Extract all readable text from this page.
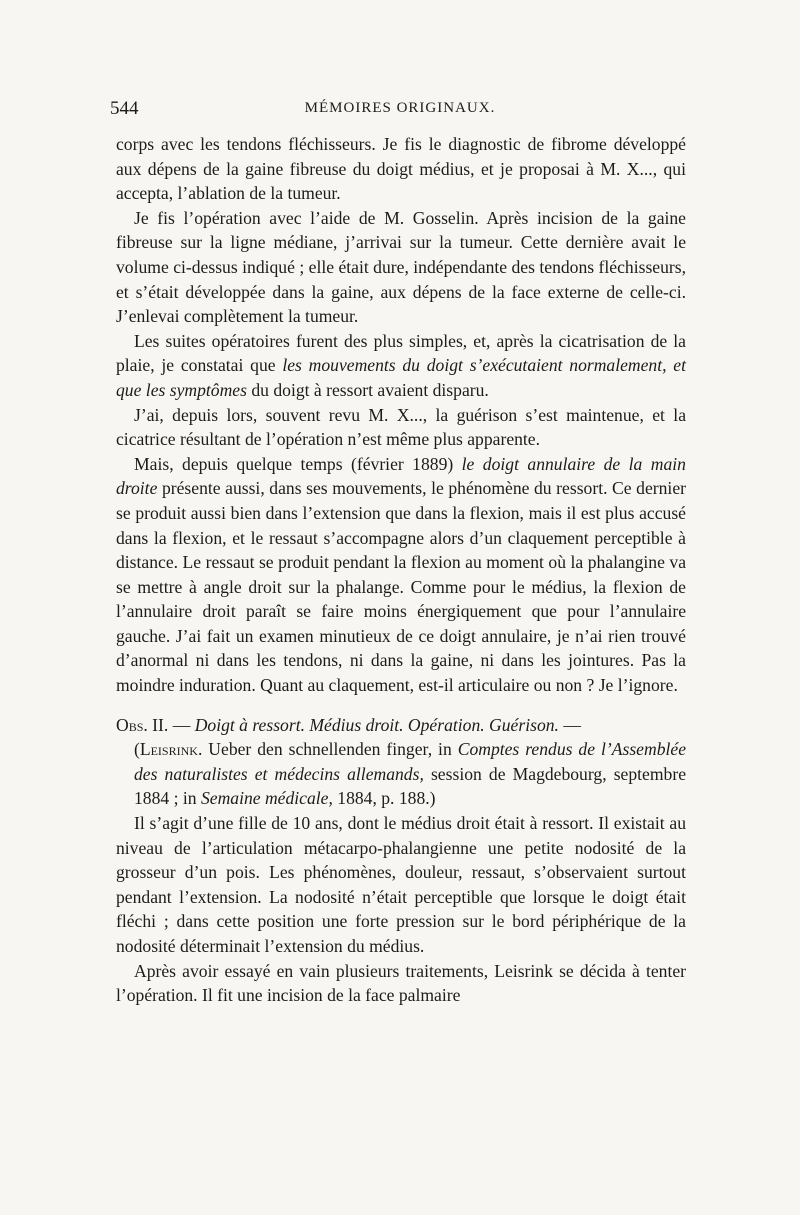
544	MÉMOIRES ORIGINAUX.

corps avec les tendons fléchisseurs. Je fis le diagnostic de fibrome développé aux dépens de la gaine fibreuse du doigt médius, et je proposai à M. X..., qui accepta, l’ablation de la tumeur.

Je fis l’opération avec l’aide de M. Gosselin. Après incision de la gaine fibreuse sur la ligne médiane, j’arrivai sur la tumeur. Cette dernière avait le volume ci-dessus indiqué ; elle était dure, indépendante des tendons fléchisseurs, et s’était développée dans la gaine, aux dépens de la face externe de celle-ci. J’enlevai complètement la tumeur.

Les suites opératoires furent des plus simples, et, après la cicatrisation de la plaie, je constatai que les mouvements du doigt s’exécutaient normalement, et que les symptômes du doigt à ressort avaient disparu.

J’ai, depuis lors, souvent revu M. X..., la guérison s’est maintenue, et la cicatrice résultant de l’opération n’est même plus apparente.

Mais, depuis quelque temps (février 1889) le doigt annulaire de la main droite présente aussi, dans ses mouvements, le phénomène du ressort. Ce dernier se produit aussi bien dans l’extension que dans la flexion, mais il est plus accusé dans la flexion, et le ressaut s’accompagne alors d’un claquement perceptible à distance. Le ressaut se produit pendant la flexion au moment où la phalangine va se mettre à angle droit sur la phalange. Comme pour le médius, la flexion de l’annulaire droit paraît se faire moins énergiquement que pour l’annulaire gauche. J’ai fait un examen minutieux de ce doigt annulaire, je n’ai rien trouvé d’anormal ni dans les tendons, ni dans la gaine, ni dans les jointures. Pas la moindre induration. Quant au claquement, est-il articulaire ou non ? Je l’ignore.

Obs. II. — Doigt à ressort. Médius droit. Opération. Guérison. —

(Leisrink. Ueber den schnellenden finger, in Comptes rendus de l’Assemblée des naturalistes et médecins allemands, session de Magdebourg, septembre 1884 ; in Semaine médicale, 1884, p. 188.)

Il s’agit d’une fille de 10 ans, dont le médius droit était à ressort. Il existait au niveau de l’articulation métacarpo-phalangienne une petite nodosité de la grosseur d’un pois. Les phénomènes, douleur, ressaut, s’observaient surtout pendant l’extension. La nodosité n’était perceptible que lorsque le doigt était fléchi ; dans cette position une forte pression sur le bord périphérique de la nodosité déterminait l’extension du médius.

Après avoir essayé en vain plusieurs traitements, Leisrink se décida à tenter l’opération. Il fit une incision de la face palmaire
